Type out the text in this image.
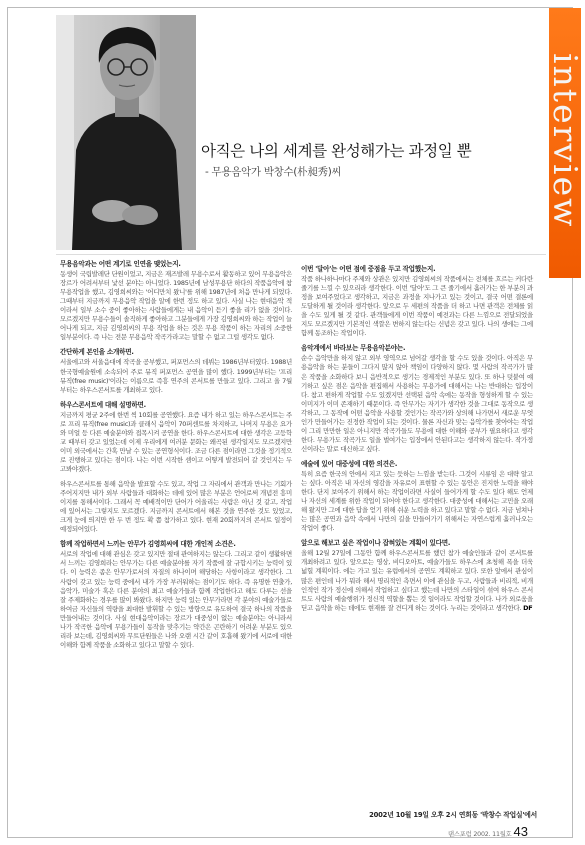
interview
아직은 나의 세계를 완성해가는 과정일 뿐
- 무용음악가 박창수(朴昶秀)씨

무용음악과는 어떤 계기로 인연을 맺었는지.

동생이 국립발레단 단원이었고, 지금은 재즈발레 무용수로서 활동하고 있어 무용음악은 장르가 어려서부터 낯선 분야는 아니었다. 1985년에 남성무용단 하다의 작품음악에 참 무용작업을 했고, 김영희씨와는 '어디만치 왔니'를 위해 1987년에 처음 만나게 되었다. 그때부터 지금까지 무용음악 작업을 알에 한번 정도 하고 있다. 사실 나는 현대음악 적이라서 일부 소수 중이 좋아하는 사람들에게는 내 음악이 듣기 좋을 리가 없을 것이다. 모르겠지만 무용수들이 솔직하게 좋아하고 그분들에게 가장 김영희씨와 하는 작업이 늘어나게 되고, 지금 김영희씨의 무용 작업을 하는 것은 무용 작품이 하는 자리의 소중한 일부분이다. 즉 나는 전문 무용음악 작곡가라고는 말할 수 없고 그럴 생각도 없다.

간단하게 본인을 소개하면.

서울에고와 서울음대에 작곡을 공부했고, 퍼포먼스의 데뷔는 1986년부터였다. 1988년 한국형예술원에 소속되어 주로 뮤직 퍼포먼스 공연을 많이 했다. 1999년부터는 '프리 뮤직(free music)'이라는 이름으로 즉흥 연주의 콘서트를 만들고 있다. 그리고 올 7월부터는 하우스콘서트를 개최하고 있다.

하우스콘서트에 대해 설명하면.

지금까지 평균 2주에 한번 씩 10회를 공연했다. 요즘 내가 하고 있는 하우스콘서트는 주로 프리 뮤직(free music)과 클래식 음악이 70퍼센트를 차지하고, 나머지 무용은 요가와 미얼 등 다른 예술분야와 접목시켜 공연을 한다. 하우스콘서트에 대한 생각은 고등학교 때부터 갖고 있었는데 이제 우리에게 여러분 문화는 왜곡된 생각일지도 모르겠지만 이미 외국에서는 간혹 만날 수 있는 공연형식이다. 조금 다른 점이라면 그것을 정기적으로 진행하고 있다는 점이다. 나는 이번 시작한 셈이고 어떻게 발전되어 갈 것인지는 두고봐야겠다.

하우스콘서트를 통해 음악을 발표할 수도 있고, 작업 그 자리에서 관객과 만나는 기회가 주어지지만 내가 외부 사람들과 대화하는 데에 있어 많은 부분은 언어로써 개념전 흥미이지를 통해서이다. 그래서 꼭 예배적이만 단어가 어울리는 사람은 아닌 것 같고, 작업에 있어서는 그렇지도 모르겠다. 지금까지 콘서트에서 해본 것을 연주한 것도 있었고, 크게 눈에 띄지만 한 두 번 정도 확 쯤 참가하고 있다. 현재 20회까지의 콘서트 일정이 예정되어있다.

함께 작업하면서 느끼는 안무가 김영희씨에 대한 개인적 소견은.

서로의 작업에 대해 관심은 갖고 있지만 절대 관여하지는 않는다. 그리고 같이 생활하면서 느끼는 김영희라는 안무가는 다른 예술분야를 자기 작품에 잘 규합시키는 능력이 있다. 이 능력은 좀은 안무가로서의 자질의 하나이며 해당하는 사항이라고 생각한다. 그 사람이 갖고 있는 능력 중에서 내가 가장 부러워하는 점이기도 하다. 즉 유명한 연출가, 음악가, 미술가 혹은 다른 분야의 최고 예술가들과 함께 작업한다고 해도 다루는 선을 잘 주제화하는 경우를 많이 봐왔다. 하지만 능력 있는 안무가라면 각 분야의 예술가들로 하여금 자신들의 역량을 최대한 발휘할 수 있는 방향으로 유도하여 결국 하나의 작품을 만들어내는 것이다. 사실 현대음악이라는 장르가 대중성이 없는 예술분야는 아니라서 나가 작곡한 음악에 무용가들이 동작을 맞추기는 약간은 곤란하기 어려운 부분도 있으리라 보는데, 김영희씨와 무트단원들은 나와 오랜 시간 같이 호흡해 왔기에 서로에 대한 이해와 함께 작품을 소화하고 있다고 말할 수 있다.

이번 '달아'는 어떤 점에 중점을 두고 작업했는지.

작품 하나하나마다 주제와 상관은 있지만 김영희씨의 작품에서는 전체를 흐르는 커다란 줄기를 느낄 수 있으리라 생각한다. 이번 '달아'도 그 큰 줄기에서 흘러가는 한 부분의 과정을 보여주었다고 생각하고, 지금은 과정을 지나가고 있는 것이고, 결국 어떤 결론에 도달하게 될 것이라 생각한다. 앞으로 두 세편의 작품을 더 하고 나면 관객은 전체를 읽을 수도 있게 될 것 같다. 관객들에게 이번 작품이 예전과는 다른 느낌으로 전달되었을지도 모르겠지만 기본적인 색깔은 변하지 않는다는 신념은 갖고 있다. 나의 생에는 그에 함께 동조하는 작업이다.

음악계에서 바라보는 무용음악분야는.

순수 음악만을 하지 않고 외부 영역으로 넘어갈 생각을 할 수도 있을 것이다. 아직은 무용음악을 하는 분들이 그다지 많지 않아 책임이 다양하지 않다. 몇 사람의 작곡가가 많은 작품을 소화하다 보니 음반적으로 생기는 경제적인 부분도 있다. 또 하나 덧붙여 얘기하고 싶은 점은 음악을 편집해서 사용하는 무용가에 대해서는 나는 반대하는 입장이다. 참고 편하게 작업할 수도 있겠지만 선택된 음악 속에는 동작을 형성하게 할 수 있는 이미지가 이미 존재하기 때문이다. 즉 안무가는 자기가 생각한 것을 그대로 동작으로 생각하고, 그 동작에 어떤 음악을 사용할 것인가는 작곡가와 상의해 나가면서 새로운 무엇인가 만들어가는 진정한 작업이 되는 것이다. 물론 자신과 맞는 음악가를 찾아야는 작업이 그리 만만한 일은 아니지만 작곡가들도 무용에 대한 이해와 공부가 필요하다고 생각한다. 무용가도 작곡가도 일을 벌여가는 입장에서 안된다고는 생각하지 않는다. 작가정신이라는 말로 대신하고 싶다.

예술에 있어 대중성에 대한 의견은.

특히 요즘 한국의 안에서 지고 있는 듯하는 느낌을 받는다. 그것이 시류임 은 대략 알고는 싶다. 아직은 내 자신의 영감을 자유로이 표현할 수 있는 동안은 진지한 노력을 해야 한다. 단지 보여주기 위해서 하는 작업이라면 사실이 들어가게 할 수도 있다 해도 언제나 자신의 세계를 위한 작업이 되어야 한다고 생각한다. 대중성에 대해서는 고민을 오래 해 왔지만 그에 대한 답을 얻기 위해 쉬운 노력을 하고 있다고 말할 수 없다. 지금 넘쳐나는 많은 공연과 음악 속에서 나만의 길을 만들어가기 위해서는 자연스럽게 흘러나오는 작업이 좋다.

앞으로 해보고 싶은 작업이나 잡혀있는 계획이 있다면.

올해 12월 27일에 그동안 함께 하우스콘서트를 했던 참가 예술인들과 같이 콘서트를 개최하려고 있다. 앞으로는 영상, 비디오아트, 예술가들도 하우스에 초청해 폭을 더욱 넓힐 계획이다. 에는 가고 있는 유럽에서의 공연도 계획하고 있다. 또한 앞에서 관심이 많은 편인데 나가 뭐라 해서 명리적인 측면서 이에 관심을 두고, 사람들과 비리적, 비개인적인 작가 정신에 의해서 작업하고 싶다고 했는데 나만의 스타일이 섞여 하우스 콘서트도 사람의 예술행위가 정신적 역할을 뽑는 것 일이라도 작업할 것이다. 나가 외로움을 딛고 음악을 하는 데에도 현재를 잘 견디게 하는 것이다. 누리는 것이라고 생각한다. DF

2002년 10월 19일 오후 2시 연희동 '박창수 작업실'에서
댄스포럼 2002. 11월호 43
